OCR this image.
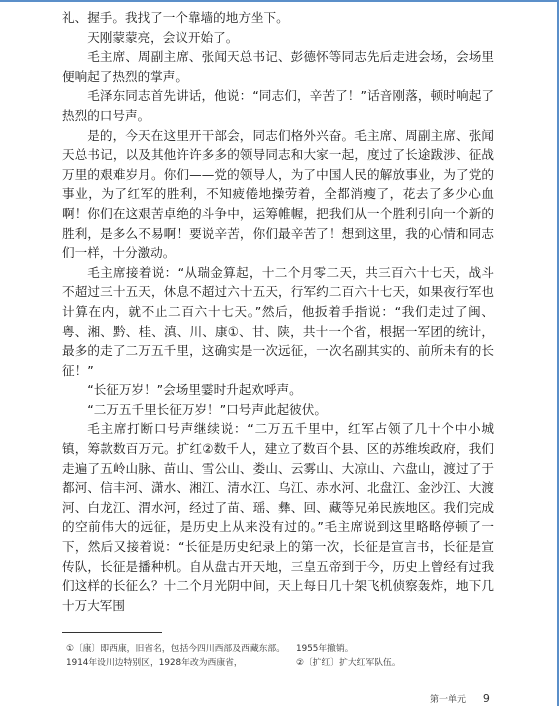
礼、握手。我找了一个靠墙的地方坐下。

天刚蒙蒙亮，会议开始了。

毛主席、周副主席、张闻天总书记、彭德怀等同志先后走进会场，会场里便响起了热烈的掌声。

毛泽东同志首先讲话，他说：“同志们，辛苦了！”话音刚落，顿时响起了热烈的口号声。

是的，今天在这里开干部会，同志们格外兴奋。毛主席、周副主席、张闻天总书记，以及其他许许多多的领导同志和大家一起，度过了长途跋涉、征战万里的艰难岁月。你们——党的领导人，为了中国人民的解放事业，为了党的事业，为了红军的胜利，不知疲倦地操劳着，全都消瘦了，花去了多少心血啊！你们在这艰苦卓绝的斗争中，运筹帷幄，把我们从一个胜利引向一个新的胜利，是多么不易啊！要说辛苦，你们最辛苦了！想到这里，我的心情和同志们一样，十分激动。

毛主席接着说：“从瑞金算起，十二个月零二天，共三百六十七天，战斗不超过三十五天，休息不超过六十五天，行军约二百六十七天，如果夜行军也计算在内，就不止二百六十七天。”然后，他扳着手指说：“我们走过了闽、粤、湘、黔、桂、滇、川、康①、甘、陕，共十一个省，根据一军团的统计，最多的走了二万五千里，这确实是一次远征，一次名副其实的、前所未有的长征！”

“长征万岁！”会场里霎时升起欢呼声。

“二万五千里长征万岁！”口号声此起彼伏。

毛主席打断口号声继续说：“二万五千里中，红军占领了几十个中小城镇，筹款数百万元。扩红②数千人，建立了数百个县、区的苏维埃政府，我们走遍了五岭山脉、苗山、雪公山、娄山、云雾山、大凉山、六盘山，渡过了于都河、信丰河、潇水、湘江、清水江、乌江、赤水河、北盘江、金沙江、大渡河、白龙江、渭水河，经过了苗、瑶、彝、回、藏等兄弟民族地区。我们完成的空前伟大的远征，是历史上从来没有过的。”毛主席说到这里略略停顿了一下，然后又接着说：“长征是历史纪录上的第一次，长征是宣言书，长征是宣传队，长征是播种机。自从盘古开天地，三皇五帝到于今，历史上曾经有过我们这样的长征么？十二个月光阴中间，天上每日几十架飞机侦察轰炸，地下几十万大军围

①〔康〕即西康，旧省名，包括今四川西部及西藏东部。1914年设川边特别区，1928年改为西康省，
1955年撤销。
②〔扩红〕扩大红军队伍。
第一单元 9
